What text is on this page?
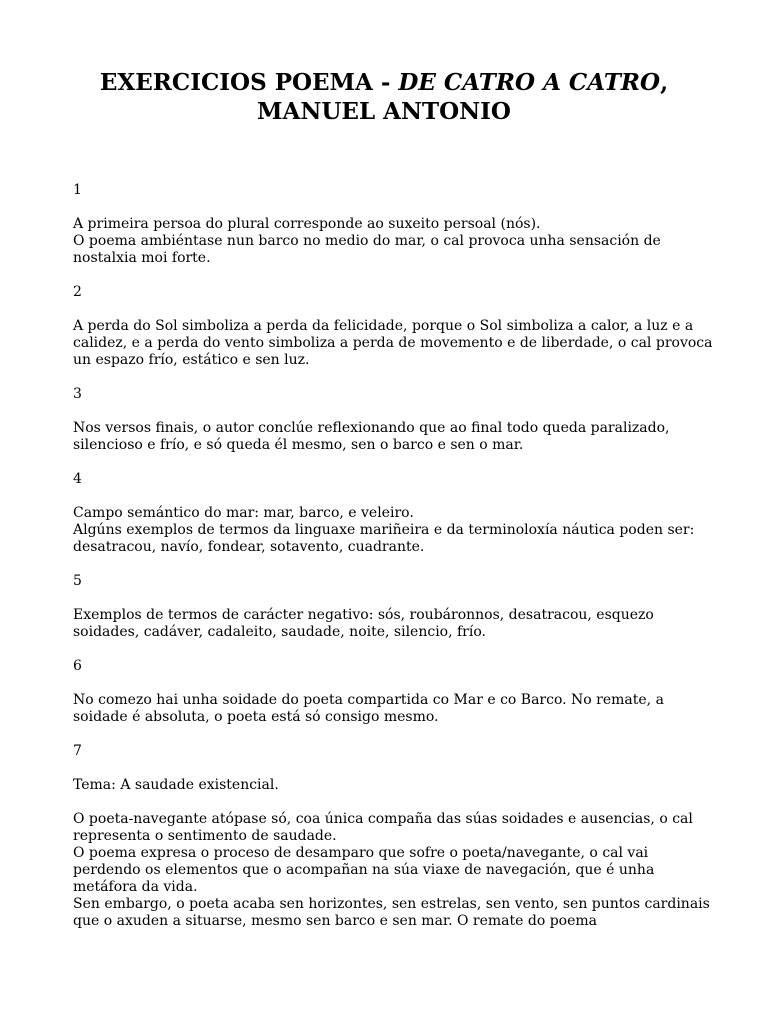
EXERCICIOS POEMA - DE CATRO A CATRO,
MANUEL ANTONIO

1

A primeira persoa do plural corresponde ao suxeito persoal (nós).
O poema ambiéntase nun barco no medio do mar, o cal provoca unha sensación de nostalxia moi forte.

2

A perda do Sol simboliza a perda da felicidade, porque o Sol simboliza a calor, a luz e a calidez, e a perda do vento simboliza a perda de movemento e de liberdade, o cal provoca un espazo frío, estático e sen luz.

3

Nos versos finais, o autor conclúe reflexionando que ao final todo queda paralizado, silencioso e frío, e só queda él mesmo, sen o barco e sen o mar.

4

Campo semántico do mar: mar, barco, e veleiro.
Algúns exemplos de termos da linguaxe mariñeira e da terminoloxía náutica poden ser: desatracou, navío, fondear, sotavento, cuadrante.

5

Exemplos de termos de carácter negativo: sós, roubáronnos, desatracou, esquezo soidades, cadáver, cadaleito, saudade, noite, silencio, frío.

6

No comezo hai unha soidade do poeta compartida co Mar e co Barco. No remate, a soidade é absoluta, o poeta está só consigo mesmo.

7

Tema: A saudade existencial.
O poeta-navegante atópase só, coa única compaña das súas soidades e ausencias, o cal representa o sentimento de saudade.
O poema expresa o proceso de desamparo que sofre o poeta/navegante, o cal vai perdendo os elementos que o acompañan na súa viaxe de navegación, que é unha metáfora da vida.
Sen embargo, o poeta acaba sen horizontes, sen estrelas, sen vento, sen puntos cardinais que o axuden a situarse, mesmo sen barco e sen mar. O remate do poema
